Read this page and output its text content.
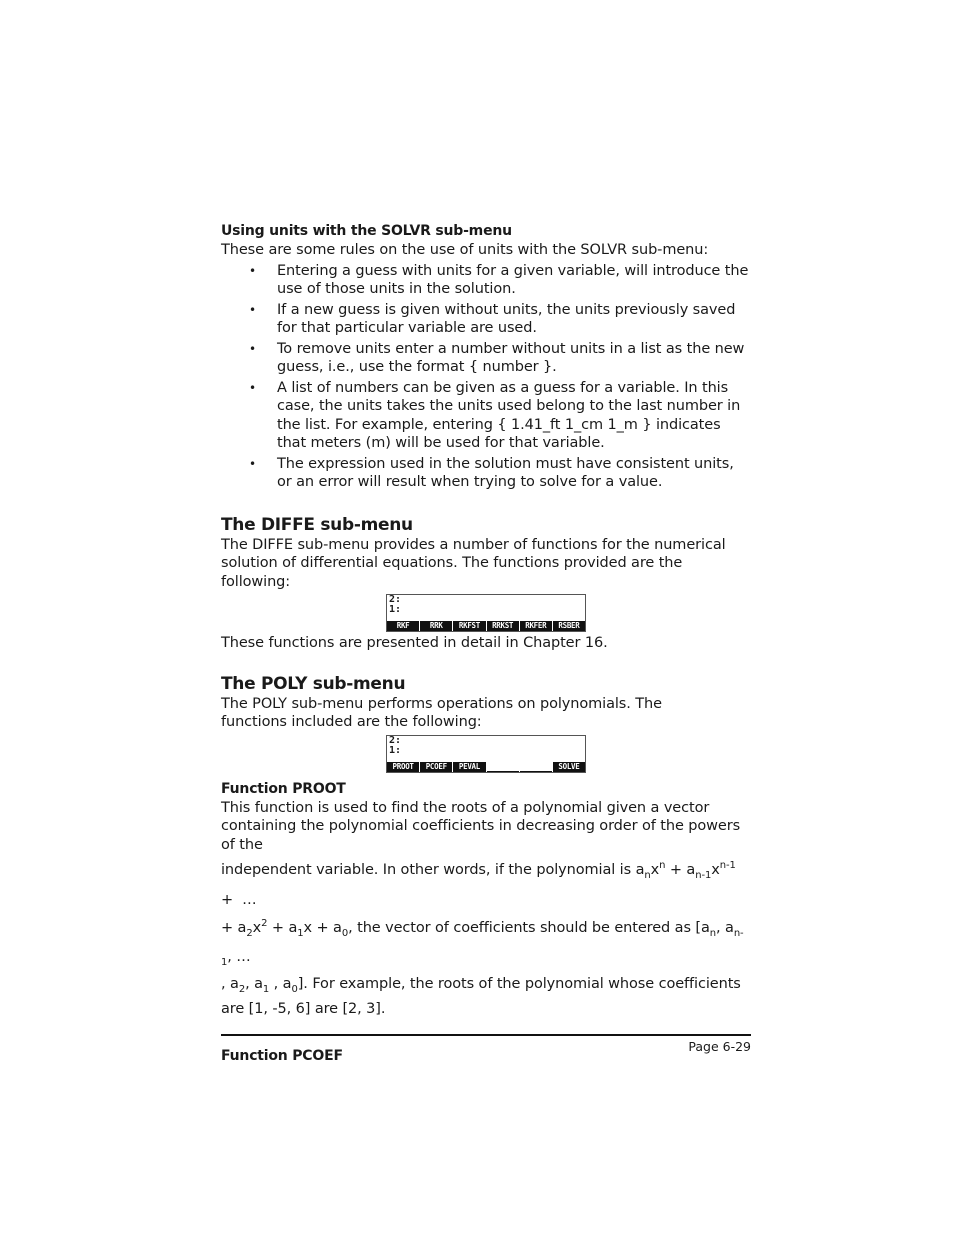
Using units with the SOLVR sub-menu

These are some rules on the use of units with the SOLVR sub-menu:

• Entering a guess with units for a given variable, will introduce the use of those units in the solution.
• If a new guess is given without units, the units previously saved for that particular variable are used.
• To remove units enter a number without units in a list as the new guess, i.e., use the format { number }.
• A list of numbers can be given as a guess for a variable. In this case, the units takes the units used belong to the last number in the list. For example, entering { 1.41_ft 1_cm 1_m } indicates that meters (m) will be used for that variable.
• The expression used in the solution must have consistent units, or an error will result when trying to solve for a value.
The DIFFE sub-menu

The DIFFE sub-menu provides a number of functions for the numerical solution of differential equations. The functions provided are the following:

2:
1:
RKF	RRK	RKFST	RRKST	RKFER	RSBER

These functions are presented in detail in Chapter 16.

The POLY sub-menu

The POLY sub-menu performs operations on polynomials. The functions included are the following:

2:
1:
PROOT	PCOEF	PEVAL	SOLVE
Function PROOT

This function is used to find the roots of a polynomial given a vector containing the polynomial coefficients in decreasing order of the powers of the
independent variable. In other words, if the polynomial is $a_nx^n + a_{n-1}x^{n-1}$ +  …
+ $a_2x^2 + a_1x + a_0$, the vector of coefficients should be entered as [$a_n$, $a_{n-1}$, …
, $a_2$, $a_1$ , $a_0$]. For example, the roots of the polynomial whose coefficients are [1, -5, 6] are [2, 3].

Function PCOEF
Page 6-29
